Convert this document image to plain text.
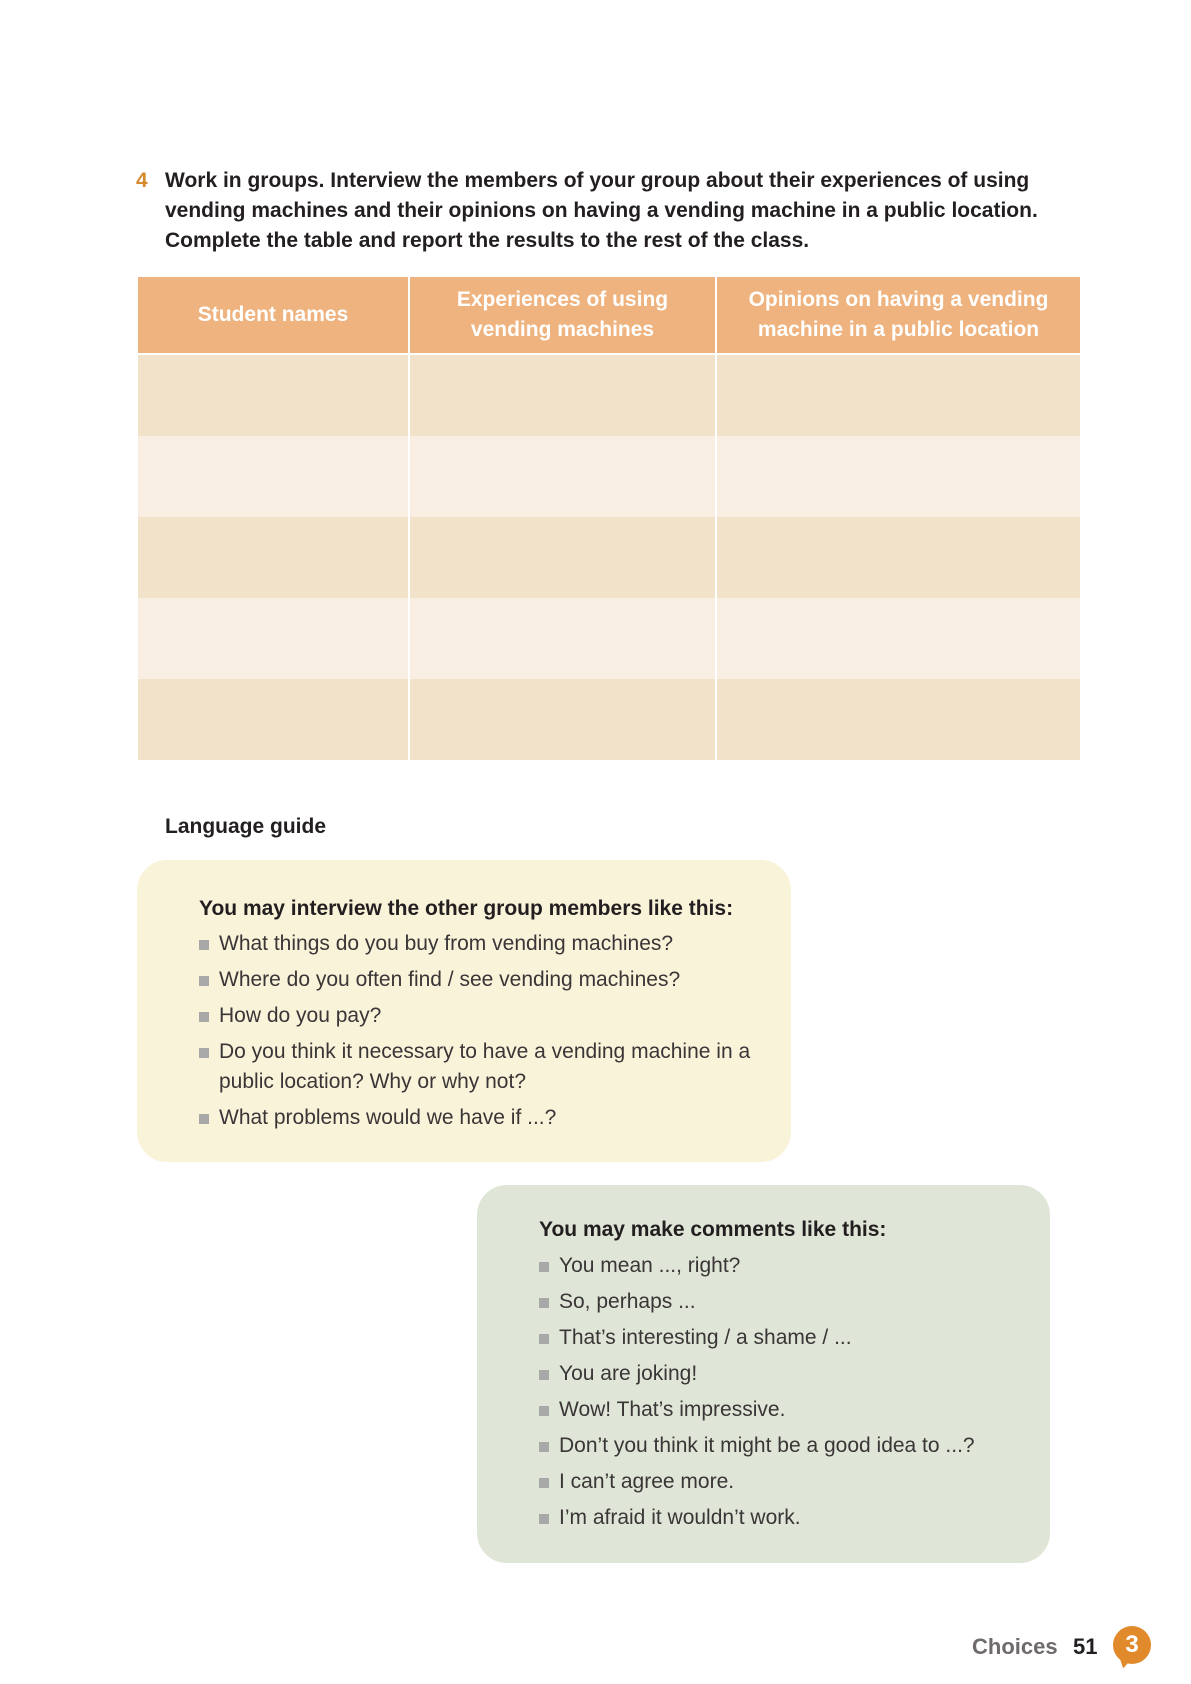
4 Work in groups. Interview the members of your group about their experiences of using vending machines and their opinions on having a vending machine in a public location. Complete the table and report the results to the rest of the class.
Student names	Experiences of using vending machines	Opinions on having a vending machine in a public location

Language guide
You may interview the other group members like this:
What things do you buy from vending machines?
Where do you often find / see vending machines?
How do you pay?
Do you think it necessary to have a vending machine in a public location? Why or why not?
What problems would we have if ...?
You may make comments like this:
You mean ..., right?
So, perhaps ...
That’s interesting / a shame / ...
You are joking!
Wow! That’s impressive.
Don’t you think it might be a good idea to ...?
I can’t agree more.
I’m afraid it wouldn’t work.
Choices 51	3
